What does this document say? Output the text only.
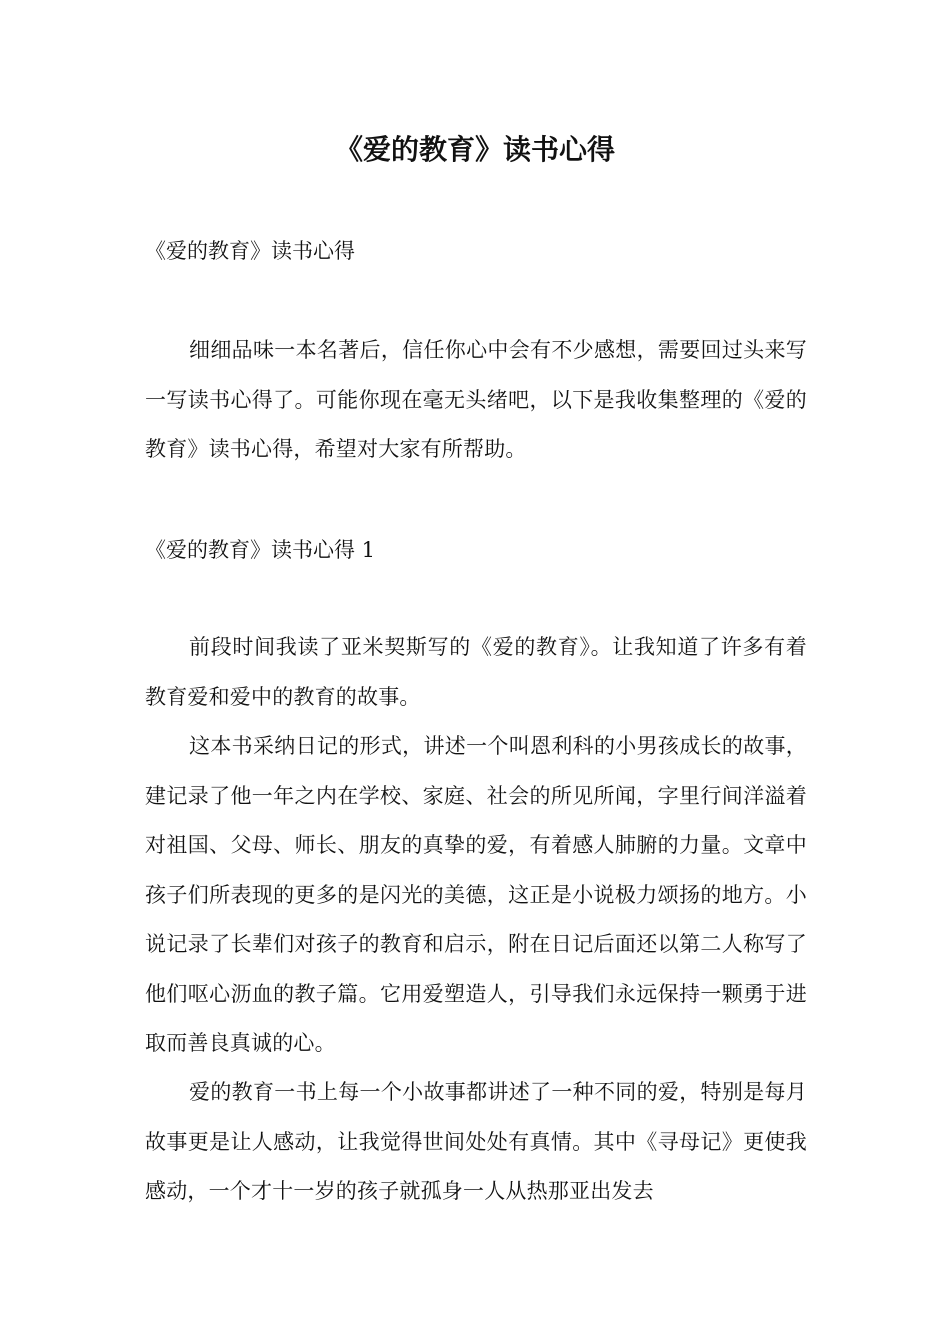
《爱的教育》读书心得

《爱的教育》读书心得

细细品味一本名著后，信任你心中会有不少感想，需要回过头来写一写读书心得了。可能你现在毫无头绪吧，以下是我收集整理的《爱的教育》读书心得，希望对大家有所帮助。

《爱的教育》读书心得 1

前段时间我读了亚米契斯写的《爱的教育》。让我知道了许多有着教育爱和爱中的教育的故事。

这本书采纳日记的形式，讲述一个叫恩利科的小男孩成长的故事，建记录了他一年之内在学校、家庭、社会的所见所闻，字里行间洋溢着对祖国、父母、师长、朋友的真挚的爱，有着感人肺腑的力量。文章中孩子们所表现的更多的是闪光的美德，这正是小说极力颂扬的地方。小说记录了长辈们对孩子的教育和启示，附在日记后面还以第二人称写了他们呕心沥血的教子篇。它用爱塑造人，引导我们永远保持一颗勇于进取而善良真诚的心。

爱的教育一书上每一个小故事都讲述了一种不同的爱，特别是每月故事更是让人感动，让我觉得世间处处有真情。其中《寻母记》更使我感动，一个才十一岁的孩子就孤身一人从热那亚出发去
